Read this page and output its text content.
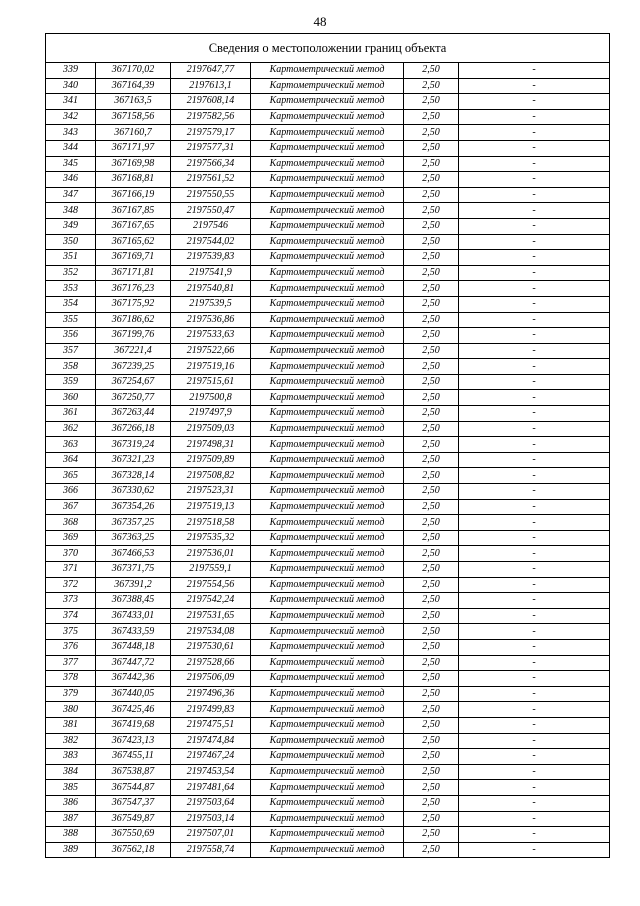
48
Сведения о местоположении границ объекта					
339	367170,02	2197647,77	Картометрический метод	2,50	-
340	367164,39	2197613,1	Картометрический метод	2,50	-
341	367163,5	2197608,14	Картометрический метод	2,50	-
342	367158,56	2197582,56	Картометрический метод	2,50	-
343	367160,7	2197579,17	Картометрический метод	2,50	-
344	367171,97	2197577,31	Картометрический метод	2,50	-
345	367169,98	2197566,34	Картометрический метод	2,50	-
346	367168,81	2197561,52	Картометрический метод	2,50	-
347	367166,19	2197550,55	Картометрический метод	2,50	-
348	367167,85	2197550,47	Картометрический метод	2,50	-
349	367167,65	2197546	Картометрический метод	2,50	-
350	367165,62	2197544,02	Картометрический метод	2,50	-
351	367169,71	2197539,83	Картометрический метод	2,50	-
352	367171,81	2197541,9	Картометрический метод	2,50	-
353	367176,23	2197540,81	Картометрический метод	2,50	-
354	367175,92	2197539,5	Картометрический метод	2,50	-
355	367186,62	2197536,86	Картометрический метод	2,50	-
356	367199,76	2197533,63	Картометрический метод	2,50	-
357	367221,4	2197522,66	Картометрический метод	2,50	-
358	367239,25	2197519,16	Картометрический метод	2,50	-
359	367254,67	2197515,61	Картометрический метод	2,50	-
360	367250,77	2197500,8	Картометрический метод	2,50	-
361	367263,44	2197497,9	Картометрический метод	2,50	-
362	367266,18	2197509,03	Картометрический метод	2,50	-
363	367319,24	2197498,31	Картометрический метод	2,50	-
364	367321,23	2197509,89	Картометрический метод	2,50	-
365	367328,14	2197508,82	Картометрический метод	2,50	-
366	367330,62	2197523,31	Картометрический метод	2,50	-
367	367354,26	2197519,13	Картометрический метод	2,50	-
368	367357,25	2197518,58	Картометрический метод	2,50	-
369	367363,25	2197535,32	Картометрический метод	2,50	-
370	367466,53	2197536,01	Картометрический метод	2,50	-
371	367371,75	2197559,1	Картометрический метод	2,50	-
372	367391,2	2197554,56	Картометрический метод	2,50	-
373	367388,45	2197542,24	Картометрический метод	2,50	-
374	367433,01	2197531,65	Картометрический метод	2,50	-
375	367433,59	2197534,08	Картометрический метод	2,50	-
376	367448,18	2197530,61	Картометрический метод	2,50	-
377	367447,72	2197528,66	Картометрический метод	2,50	-
378	367442,36	2197506,09	Картометрический метод	2,50	-
379	367440,05	2197496,36	Картометрический метод	2,50	-
380	367425,46	2197499,83	Картометрический метод	2,50	-
381	367419,68	2197475,51	Картометрический метод	2,50	-
382	367423,13	2197474,84	Картометрический метод	2,50	-
383	367455,11	2197467,24	Картометрический метод	2,50	-
384	367538,87	2197453,54	Картометрический метод	2,50	-
385	367544,87	2197481,64	Картометрический метод	2,50	-
386	367547,37	2197503,64	Картометрический метод	2,50	-
387	367549,87	2197503,14	Картометрический метод	2,50	-
388	367550,69	2197507,01	Картометрический метод	2,50	-
389	367562,18	2197558,74	Картометрический метод	2,50	-
